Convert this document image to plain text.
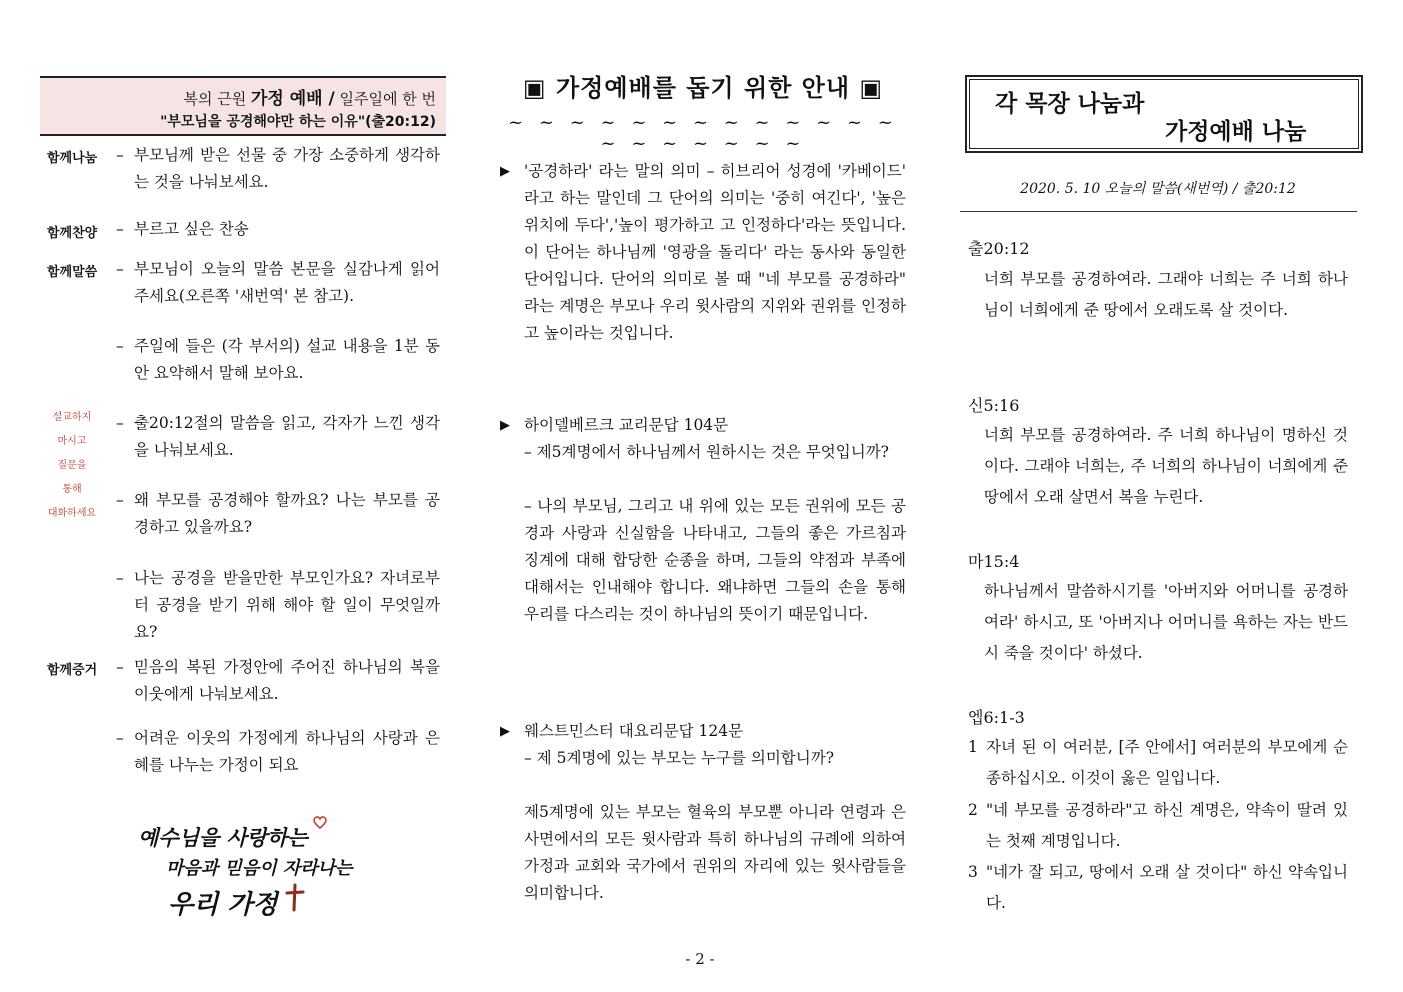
복의 근원 가정 예배 / 일주일에 한 번
"부모님을 공경해야만 하는 이유"(출20:12)
함께나눔 – 부모님께 받은 선물 중 가장 소중하게 생각하는 것을 나눠보세요.
함께찬양 – 부르고 싶은 찬송
함께말씀 – 부모님이 오늘의 말씀 본문을 실감나게 읽어주세요(오른쪽 '새번역' 본 참고).
– 주일에 들은 (각 부서의) 설교 내용을 1분 동안 요약해서 말해 보아요.
설교하지
마시고
질문을
통해
대화하세요
– 출20:12절의 말씀을 읽고, 각자가 느낀 생각을 나눠보세요.
– 왜 부모를 공경해야 할까요? 나는 부모를 공경하고 있을까요?
– 나는 공경을 받을만한 부모인가요? 자녀로부터 공경을 받기 위해 해야 할 일이 무엇일까요?
함께증거 – 믿음의 복된 가정안에 주어진 하나님의 복을 이웃에게 나눠보세요.
– 어려운 이웃의 가정에게 하나님의 사랑과 은혜를 나누는 가정이 되요
예수님을 사랑하는
마음과 믿음이 자라나는
우리 가정
▣ 가정예배를 돕기 위한 안내 ▣
~ ~ ~ ~ ~ ~ ~ ~ ~ ~ ~ ~ ~ ~ ~ ~ ~ ~ ~ ~
▶ '공경하라' 라는 말의 의미 – 히브리어 성경에 '카베이드' 라고 하는 말인데 그 단어의 의미는 '중히 여긴다', '높은 위치에 두다','높이 평가하고 고 인정하다'라는 뜻입니다. 이 단어는 하나님께 '영광을 돌리다' 라는 동사와 동일한 단어입니다. 단어의 의미로 볼 때 "네 부모를 공경하라" 라는 계명은 부모나 우리 윗사람의 지위와 권위를 인정하고 높이라는 것입니다.
▶ 하이델베르크 교리문답 104문
– 제5계명에서 하나님께서 원하시는 것은 무엇입니까?
– 나의 부모님, 그리고 내 위에 있는 모든 권위에 모든 공경과 사랑과 신실함을 나타내고, 그들의 좋은 가르침과 징계에 대해 합당한 순종을 하며, 그들의 약점과 부족에 대해서는 인내해야 합니다. 왜냐하면 그들의 손을 통해 우리를 다스리는 것이 하나님의 뜻이기 때문입니다.
▶ 웨스트민스터 대요리문답 124문
– 제 5계명에 있는 부모는 누구를 의미합니까?
제5계명에 있는 부모는 혈육의 부모뿐 아니라 연령과 은사면에서의 모든 윗사람과 특히 하나님의 규례에 의하여 가정과 교회와 국가에서 권위의 자리에 있는 윗사람들을 의미합니다.
각 목장 나눔과
가정예배 나눔
2020. 5. 10 오늘의 말씀(새번역) / 출20:12
출20:12
너희 부모를 공경하여라. 그래야 너희는 주 너희 하나님이 너희에게 준 땅에서 오래도록 살 것이다.
신5:16
너희 부모를 공경하여라. 주 너희 하나님이 명하신 것이다. 그래야 너희는, 주 너희의 하나님이 너희에게 준 땅에서 오래 살면서 복을 누린다.
마15:4
하나님께서 말씀하시기를 '아버지와 어머니를 공경하여라' 하시고, 또 '아버지나 어머니를 욕하는 자는 반드시 죽을 것이다' 하셨다.
엡6:1-3
1 자녀 된 이 여러분, [주 안에서] 여러분의 부모에게 순종하십시오. 이것이 옳은 일입니다.
2 "네 부모를 공경하라"고 하신 계명은, 약속이 딸려 있는 첫째 계명입니다.
3 "네가 잘 되고, 땅에서 오래 살 것이다" 하신 약속입니다.
- 2 -
